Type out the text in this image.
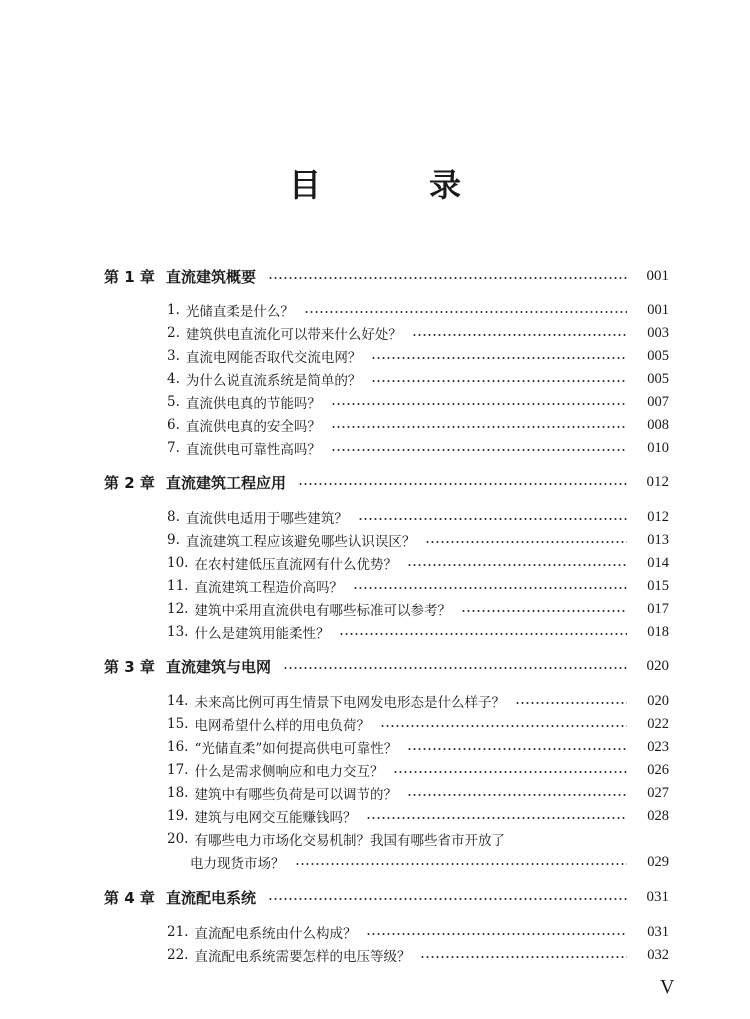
目　录
第 1 章 直流建筑概要	001
1. 光储直柔是什么？	001
2. 建筑供电直流化可以带来什么好处？	003
3. 直流电网能否取代交流电网？	005
4. 为什么说直流系统是简单的？	005
5. 直流供电真的节能吗？	007
6. 直流供电真的安全吗？	008
7. 直流供电可靠性高吗？	010
第 2 章 直流建筑工程应用	012
8. 直流供电适用于哪些建筑？	012
9. 直流建筑工程应该避免哪些认识误区？	013
10. 在农村建低压直流网有什么优势？	014
11. 直流建筑工程造价高吗？	015
12. 建筑中采用直流供电有哪些标准可以参考？	017
13. 什么是建筑用能柔性？	018
第 3 章 直流建筑与电网	020
14. 未来高比例可再生情景下电网发电形态是什么样子？	020
15. 电网希望什么样的用电负荷？	022
16. “光储直柔”如何提高供电可靠性？	023
17. 什么是需求侧响应和电力交互？	026
18. 建筑中有哪些负荷是可以调节的？	027
19. 建筑与电网交互能赚钱吗？	028
20. 有哪些电力市场化交易机制？我国有哪些省市开放了
电力现货市场？	029
第 4 章 直流配电系统	031
21. 直流配电系统由什么构成？	031
22. 直流配电系统需要怎样的电压等级？	032
V
